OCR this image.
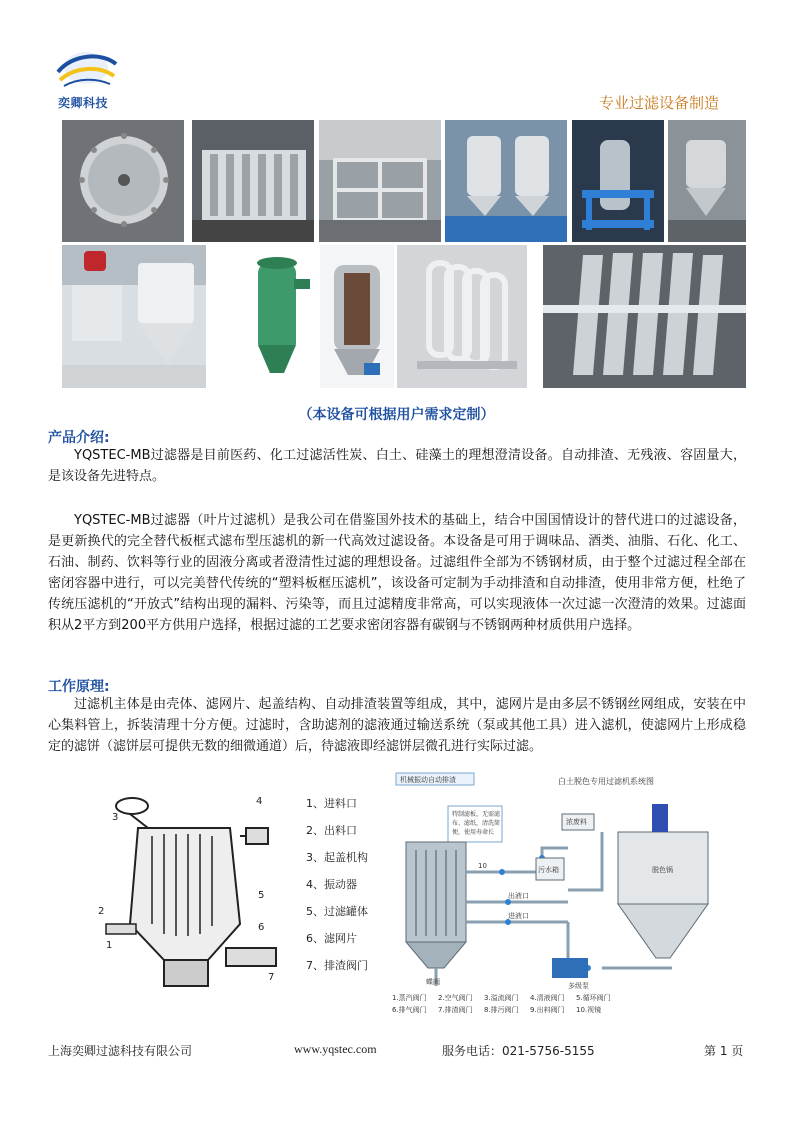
奕卿科技	专业过滤设备制造
（本设备可根据用户需求定制）
产品介绍:

YQSTEC-MB过滤器是目前医药、化工过滤活性炭、白土、硅藻土的理想澄清设备。自动排渣、无残液、容固量大，是该设备先进特点。

YQSTEC-MB过滤器（叶片过滤机）是我公司在借鉴国外技术的基础上，结合中国国情设计的替代进口的过滤设备，是更新换代的完全替代板框式滤布型压滤机的新一代高效过滤设备。本设备是可用于调味品、酒类、油脂、石化、化工、石油、制药、饮料等行业的固液分离或者澄清性过滤的理想设备。过滤组件全部为不锈钢材质，由于整个过滤过程全部在密闭容器中进行，可以完美替代传统的“塑料板框压滤机”，该设备可定制为手动排渣和自动排渣，使用非常方便，杜绝了传统压滤机的“开放式”结构出现的漏料、污染等，而且过滤精度非常高，可以实现液体一次过滤一次澄清的效果。过滤面积从2平方到200平方供用户选择，根据过滤的工艺要求密闭容器有碳钢与不锈钢两种材质供用户选择。

工作原理:

过滤机主体是由壳体、滤网片、起盖结构、自动排渣装置等组成，其中，滤网片是由多层不锈钢丝网组成，安装在中心集料管上，拆装清理十分方便。过滤时，含助滤剂的滤液通过输送系统（泵或其他工具）进入滤机，使滤网片上形成稳定的滤饼（滤饼层可提供无数的细微通道）后，待滤液即经滤饼层微孔进行实际过滤。

1
2
3
4
5
6
7
1、进料口
2、出料口
3、起盖机构
4、振动器
5、过滤罐体
6、滤网片
7、排渣阀门
白土脱色专用过滤机系统图
机械振动自动排渣
特制滤板，无需滤
布、滤纸，清洗简
便，使用寿命长
浓废料
污水箱	脱色锅
出液口
进液口
多级泵
蝶阀
10
1.蒸汽阀门 2.空气阀门 3.溢流阀门 4.清液阀门 5.循环阀门
6.排气阀门 7.排渣阀门 8.排污阀门 9.出料阀门 10.视镜
上海奕卿过滤科技有限公司	www.yqstec.com	服务电话：021-5756-5155	第 1 页
